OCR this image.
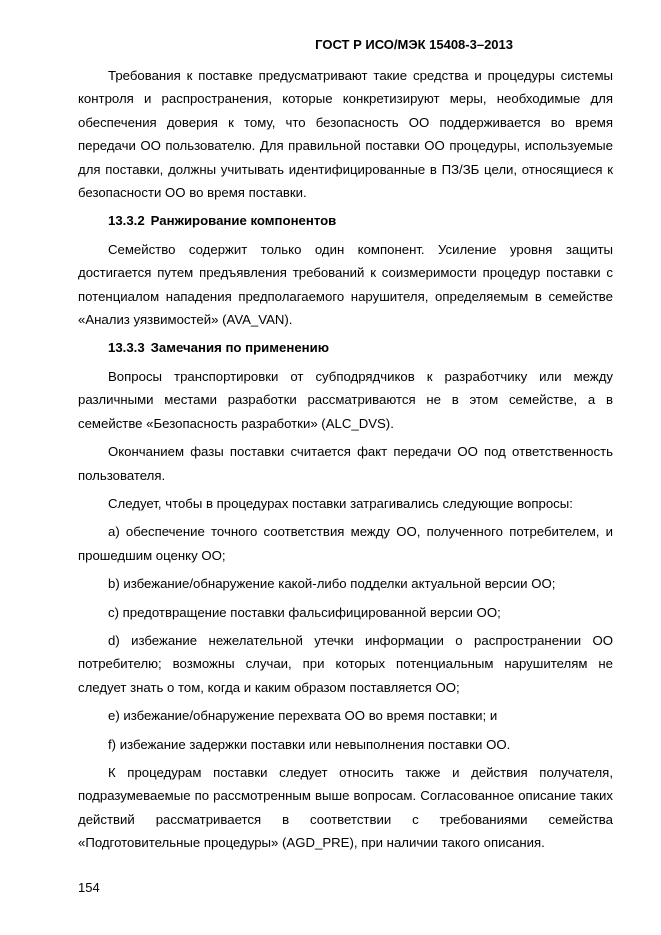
ГОСТ Р ИСО/МЭК 15408-3–2013

Требования к поставке предусматривают такие средства и процедуры системы контроля и распространения, которые конкретизируют меры, необходимые для обеспечения доверия к тому, что безопасность ОО поддерживается во время передачи ОО пользователю. Для правильной поставки ОО процедуры, используемые для поставки, должны учитывать идентифицированные в ПЗ/ЗБ цели, относящиеся к безопасности ОО во время поставки.

13.3.2 Ранжирование компонентов

Семейство содержит только один компонент. Усиление уровня защиты достигается путем предъявления требований к соизмеримости процедур поставки с потенциалом нападения предполагаемого нарушителя, определяемым в семействе «Анализ уязвимостей» (AVA_VAN).

13.3.3 Замечания по применению

Вопросы транспортировки от субподрядчиков к разработчику или между различными местами разработки рассматриваются не в этом семействе, а в семействе «Безопасность разработки» (ALC_DVS).

Окончанием фазы поставки считается факт передачи ОО под ответственность пользователя.

Следует, чтобы в процедурах поставки затрагивались следующие вопросы:

a) обеспечение точного соответствия между ОО, полученного потребителем, и прошедшим оценку ОО;

b) избежание/обнаружение какой-либо подделки актуальной версии ОО;

c) предотвращение поставки фальсифицированной версии ОО;

d) избежание нежелательной утечки информации о распространении ОО потребителю; возможны случаи, при которых потенциальным нарушителям не следует знать о том, когда и каким образом поставляется ОО;

e) избежание/обнаружение перехвата ОО во время поставки; и

f) избежание задержки поставки или невыполнения поставки ОО.

К процедурам поставки следует относить также и действия получателя, подразумеваемые по рассмотренным выше вопросам. Согласованное описание таких действий рассматривается в соответствии с требованиями семейства «Подготовительные процедуры» (AGD_PRE), при наличии такого описания.

154
